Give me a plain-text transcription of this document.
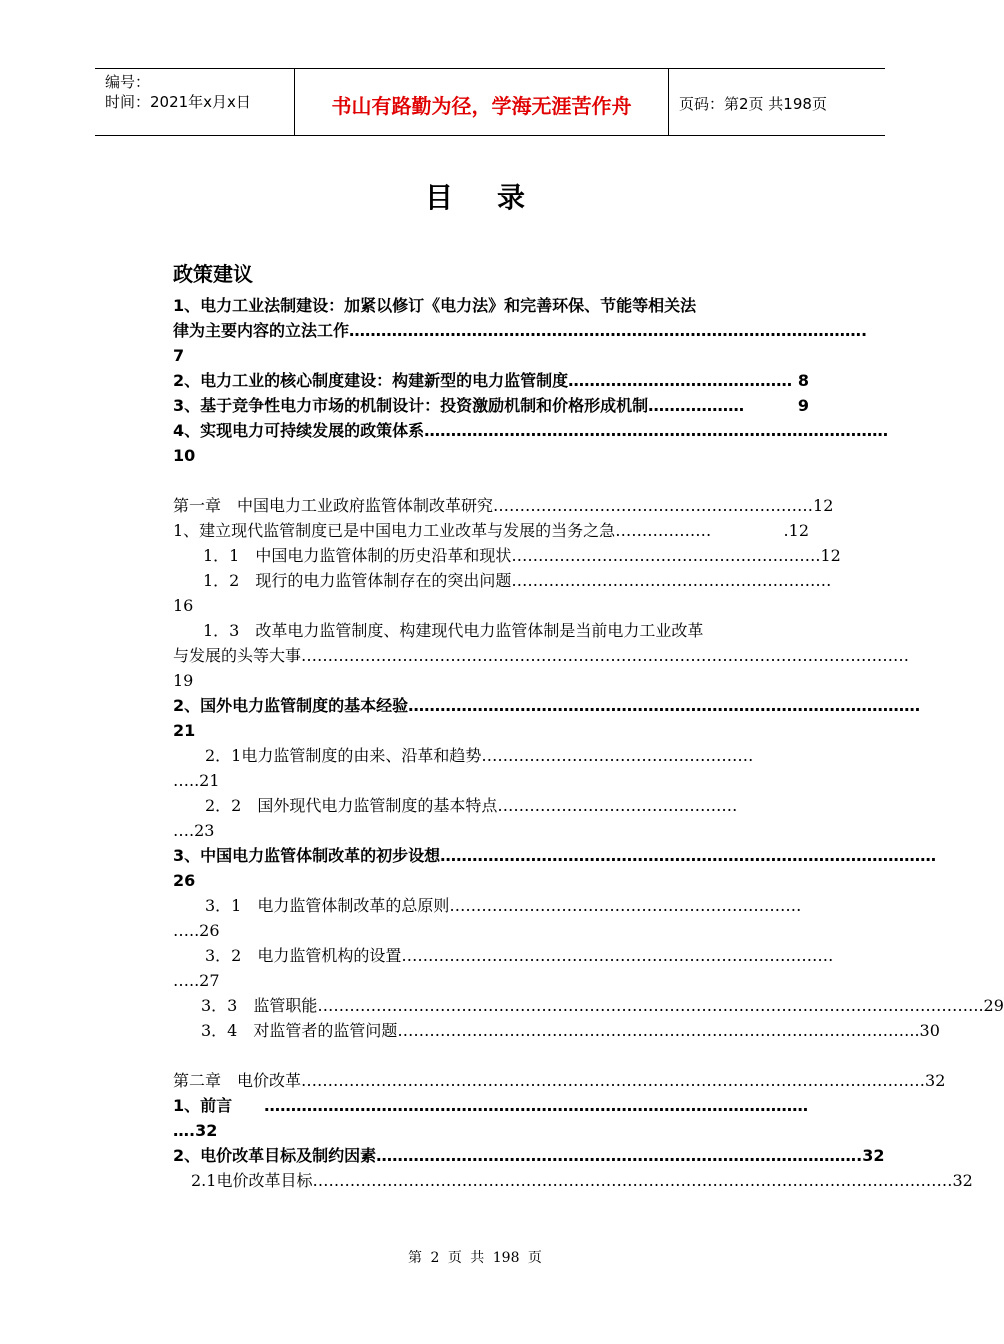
编号：
时间：2021年x月x日	书山有路勤为径，学海无涯苦作舟	页码：第2页 共198页
目录
政策建议
1、电力工业法制建设：加紧以修订《电力法》和完善环保、节能等相关法
律为主要内容的立法工作 …………………………………………………………………………………… .
7
2、电力工业的核心制度建设：构建新型的电力监管制度 …………………………………… 8
3、基于竞争性电力市场的机制设计：投资激励机制和价格形成机制 ………………	9
4、实现电力可持续发展的政策体系 ……………………………………………………………………………
10
第一章　中国电力工业政府监管体制改革研究 …………………………………………………… 12
1、建立现代监管制度已是中国电力工业改革与发展的当务之急 ………………	.12
1．1　中国电力监管体制的历史沿革和现状 ………………………………………………… .12
1．2　现行的电力监管体制存在的突出问题 ……………………………………………………
16
1．3　改革电力监管制度、构建现代电力监管体制是当前电力工业改革
与发展的头等大事 ……………………………………………………………………………………………………
19
2、国外电力监管制度的基本经验 ……………………………………………………………………………………
21
2．1电力监管制度的由来、沿革和趋势 ……………………………………………
…..21
2．2　国外现代电力监管制度的基本特点 ………………………………………
….23
3、中国电力监管体制改革的初步设想 …………………………………………………………………………………
26
3．1　电力监管体制改革的总原则 …………………………………………………………
…..26
3．2　电力监管机构的设置 ………………………………………………………………………
…..27
3．3　监管职能 …………………………………………………………………………………………………………… ..29
3．4　对监管者的监管问题 …………………………………………………………………………………… ..30
第二章　电价改革 ……………………………………………………………………………………………………… 32
1、前言　　 …………………………………………………………………………………………
….32
2、电价改革目标及制约因素 ……………………………………………………………………………… .32
2.1电价改革目标 ………………………………………………………………………………………………………… 32
第 2 页 共 198 页
